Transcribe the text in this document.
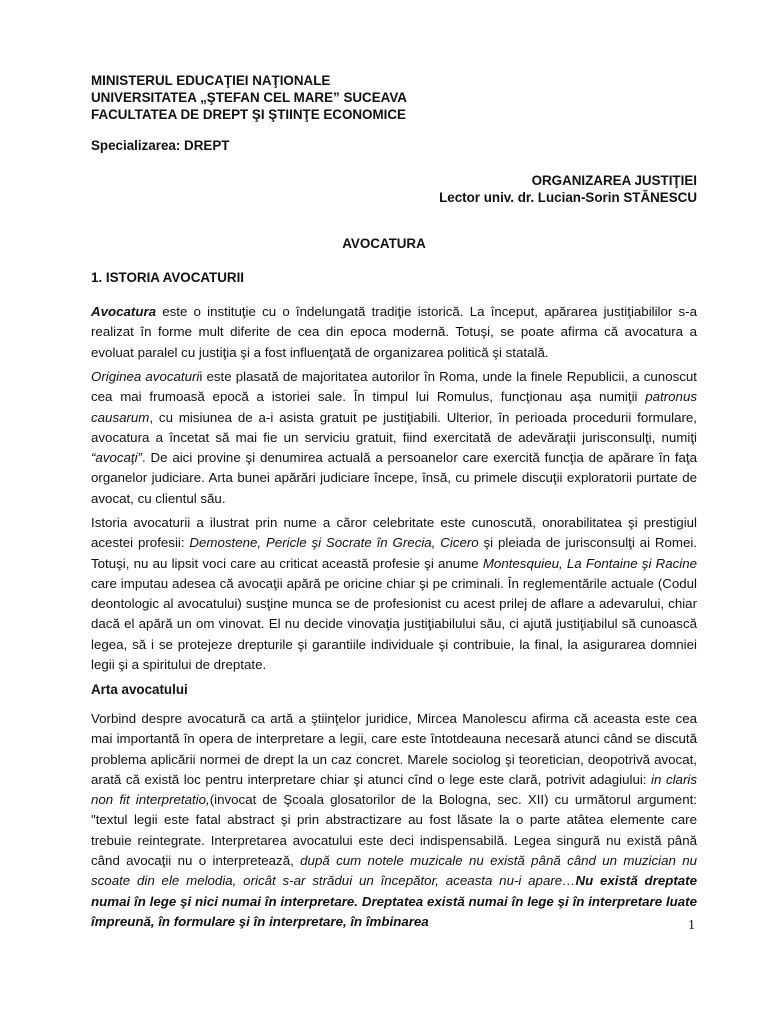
MINISTERUL EDUCAŢIEI NAŢIONALE
UNIVERSITATEA „ŞTEFAN CEL MARE” SUCEAVA
FACULTATEA DE DREPT ŞI ŞTIINŢE ECONOMICE
Specializarea: DREPT
ORGANIZAREA JUSTIŢIEI
Lector univ. dr. Lucian-Sorin STĂNESCU
AVOCATURA
1. ISTORIA AVOCATURII

Avocatura este o instituţie cu o îndelungată tradiţie istorică. La început, apărarea justiţiabililor s-a realizat în forme mult diferite de cea din epoca modernă. Totuşi, se poate afirma că avocatura a evoluat paralel cu justiţia şi a fost influenţată de organizarea politică şi statală.

Originea avocaturii este plasată de majoritatea autorilor în Roma, unde la finele Republicii, a cunoscut cea mai frumoasă epocă a istoriei sale. În timpul lui Romulus, funcţionau aşa numiţii patronus causarum, cu misiunea de a-i asista gratuit pe justiţiabili. Ulterior, în perioada procedurii formulare, avocatura a încetat să mai fie un serviciu gratuit, fiind exercitată de adevăraţii jurisconsulţi, numiţi “avocaţi”. De aici provine şi denumirea actuală a persoanelor care exercită funcţia de apărare în faţa organelor judiciare. Arta bunei apărări judiciare începe, însă, cu primele discuţii exploratorii purtate de avocat, cu clientul său.

Istoria avocaturii a ilustrat prin nume a căror celebritate este cunoscută, onorabilitatea şi prestigiul acestei profesii: Demostene, Pericle şi Socrate în Grecia, Cicero şi pleiada de jurisconsulţi ai Romei. Totuşi, nu au lipsit voci care au criticat această profesie şi anume Montesquieu, La Fontaine şi Racine care imputau adesea că avocaţii apără pe oricine chiar şi pe criminali. În reglementările actuale (Codul deontologic al avocatului) susţine munca se de profesionist cu acest prilej de aflare a adevarului, chiar dacă el apără un om vinovat. El nu decide vinovaţia justiţiabilului său, ci ajută justiţiabilul să cunoască legea, să i se protejeze drepturile şi garantiile individuale şi contribuie, la final, la asigurarea domniei legii şi a spiritului de dreptate.

Arta avocatului

Vorbind despre avocatură ca artă a ştiinţelor juridice, Mircea Manolescu afirma că aceasta este cea mai importantă în opera de interpretare a legii, care este întotdeauna necesară atunci când se discută problema aplicării normei de drept la un caz concret. Marele sociolog şi teoretician, deopotrivă avocat, arată că există loc pentru interpretare chiar şi atunci cînd o lege este clară, potrivit adagiului: in claris non fit interpretatio,(invocat de Şcoala glosatorilor de la Bologna, sec. XII) cu următorul argument: "textul legii este fatal abstract şi prin abstractizare au fost lăsate la o parte atâtea elemente care trebuie reintegrate. Interpretarea avocatului este deci indispensabilă. Legea singură nu există până când avocaţii nu o interpretează, după cum notele muzicale nu există până când un muzician nu scoate din ele melodia, oricât s-ar strădui un începător, aceasta nu-i apare…Nu există dreptate numai în lege şi nici numai în interpretare. Dreptatea există numai în lege şi în interpretare luate împreună, în formulare şi în interpretare, în îmbinarea	1
